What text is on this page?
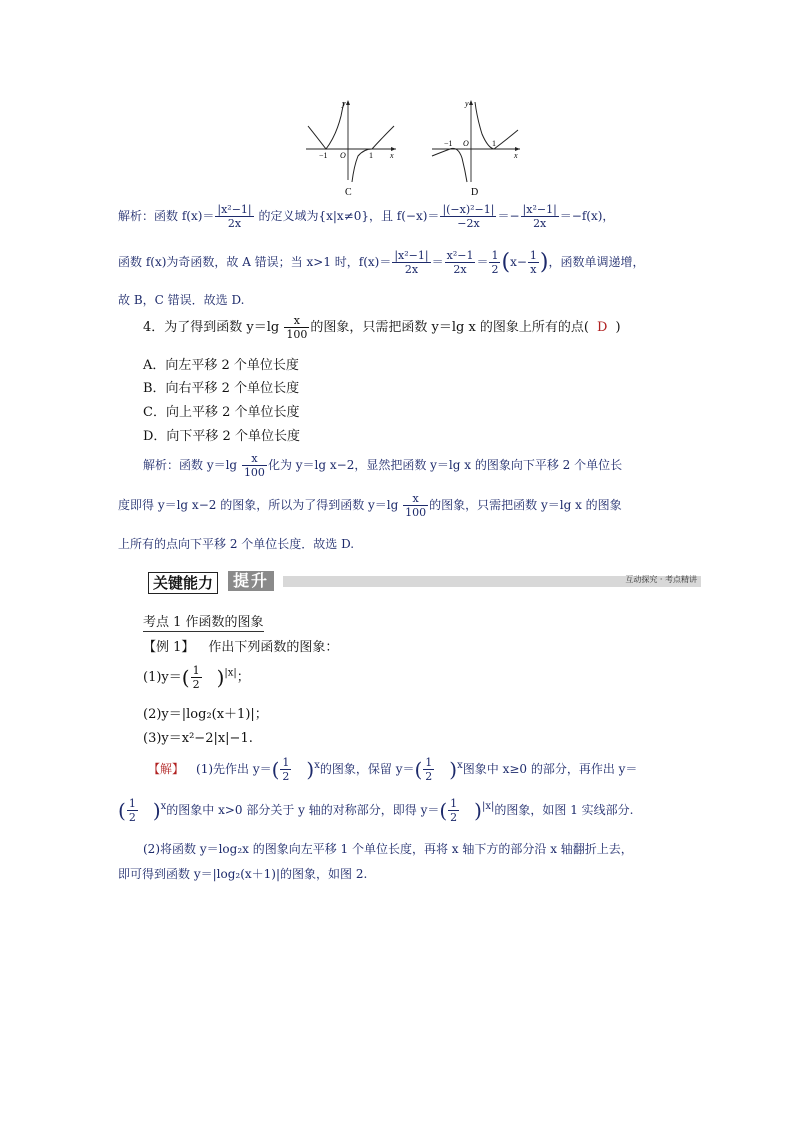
y
x
−1 O	1
C
y
x
−1 O	1
D
解析：函数 $f(x)= \frac{\text{|x²−1|}}{2x}$ 的定义域为{x|x≠0}，且 $f(-x)= \frac{\text{|(−x)²−1|}}{-2x} =- \frac{\text{|x²−1|}}{2x} =-f(x)$，
函数 f(x)为奇函数，故 A 错误；当 x>1 时，$f(x)= \frac{\text{|x²−1|}}{2x} = \frac{\text{x²−1}}{2x} = \frac{1}{2} (x- \frac{1}{x}$ )，函数单调递增，
故 B，C 错误．故选 D.
4．为了得到函数 $y=\lg \frac{x}{100}$ 的图象，只需把函数 y＝lg x 的图象上所有的点( D )
A．向左平移 2 个单位长度
B．向右平移 2 个单位长度
C．向上平移 2 个单位长度
D．向下平移 2 个单位长度
解析：函数 $y=\lg \frac{x}{100}$ 化为 y＝lg x−2，显然把函数 y＝lg x 的图象向下平移 2 个单位长
度即得 y＝lg x−2 的图象，所以为了得到函数 $y=\lg \frac{x}{100}$ 的图象，只需把函数 y＝lg x 的图象
上所有的点向下平移 2 个单位长度．故选 D.
关键能力	提升	互动探究 · 考点精讲
考点 1 作函数的图象
【例 1】 作出下列函数的图象：
$(1)y=( \frac{1}{2} )^{|x|}$；
(2)y＝|log₂(x＋1)|；
(3)y＝x²−2|x|−1.
【解】 (1)先作出 $y=( \frac{1}{2} )^x$的图象，保留 $y=( \frac{1}{2} )^x$图象中 x≥0 的部分，再作出 y＝
( $\frac{1}{2} )^x$的图象中 x>0 部分关于 y 轴的对称部分，即得 $y=( \frac{1}{2} )^{|x|}$的图象，如图 1 实线部分.
(2)将函数 y＝log₂x 的图象向左平移 1 个单位长度，再将 x 轴下方的部分沿 x 轴翻折上去，
即可得到函数 y＝|log₂(x＋1)|的图象，如图 2.
